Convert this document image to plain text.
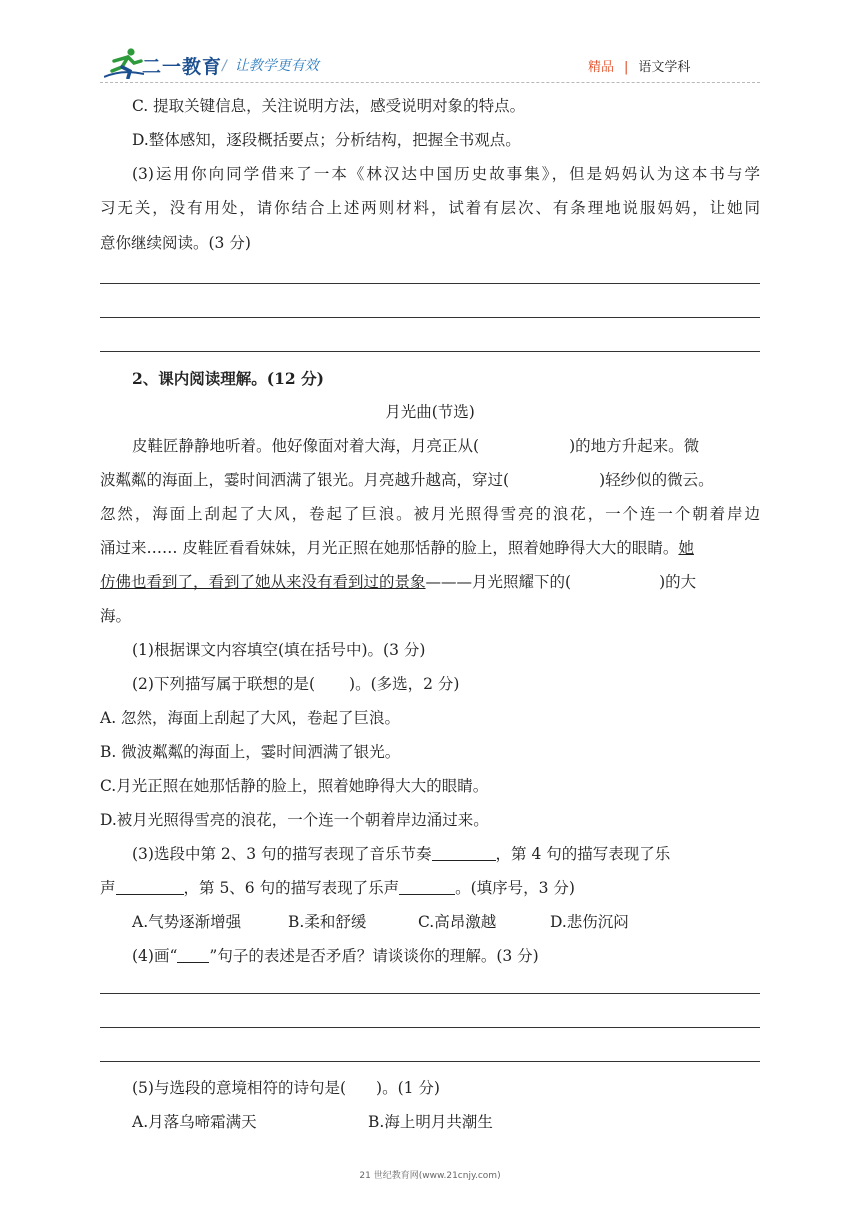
二一教育 / 让教学更有效	精品 | 语文学科
C. 提取关键信息，关注说明方法，感受说明对象的特点。
D.整体感知，逐段概括要点；分析结构，把握全书观点。
(3)运用你向同学借来了一本《林汉达中国历史故事集》，但是妈妈认为这本书与学
习无关，没有用处，请你结合上述两则材料，试着有层次、有条理地说服妈妈，让她同
意你继续阅读。(3 分)
2、课内阅读理解。(12 分)
月光曲(节选)
皮鞋匠静静地听着。他好像面对着大海，月亮正从(	)的地方升起来。微
波粼粼的海面上，霎时间洒满了银光。月亮越升越高，穿过(	)轻纱似的微云。
忽然，海面上刮起了大风，卷起了巨浪。被月光照得雪亮的浪花，一个连一个朝着岸边
涌过来…… 皮鞋匠看看妹妹，月光正照在她那恬静的脸上，照着她睁得大大的眼睛。她
仿佛也看到了，看到了她从来没有看到过的景象———月光照耀下的(	)的大
海。
(1)根据课文内容填空(填在括号中)。(3 分)
(2)下列描写属于联想的是( )。(多选，2 分)
A. 忽然，海面上刮起了大风，卷起了巨浪。
B. 微波粼粼的海面上，霎时间洒满了银光。
C.月光正照在她那恬静的脸上，照着她睁得大大的眼睛。
D.被月光照得雪亮的浪花，一个连一个朝着岸边涌过来。
(3)选段中第 2、3 句的描写表现了音乐节奏	，第 4 句的描写表现了乐
声	，第 5、6 句的描写表现了乐声	。(填序号，3 分)
A.气势逐渐增强	B.柔和舒缓	C.高昂激越	D.悲伤沉闷
(4)画“ ”句子的表述是否矛盾？请谈谈你的理解。(3 分)
(5)与选段的意境相符的诗句是( )。(1 分)
A.月落乌啼霜满天	B.海上明月共潮生
21 世纪教育网(www.21cnjy.com)
